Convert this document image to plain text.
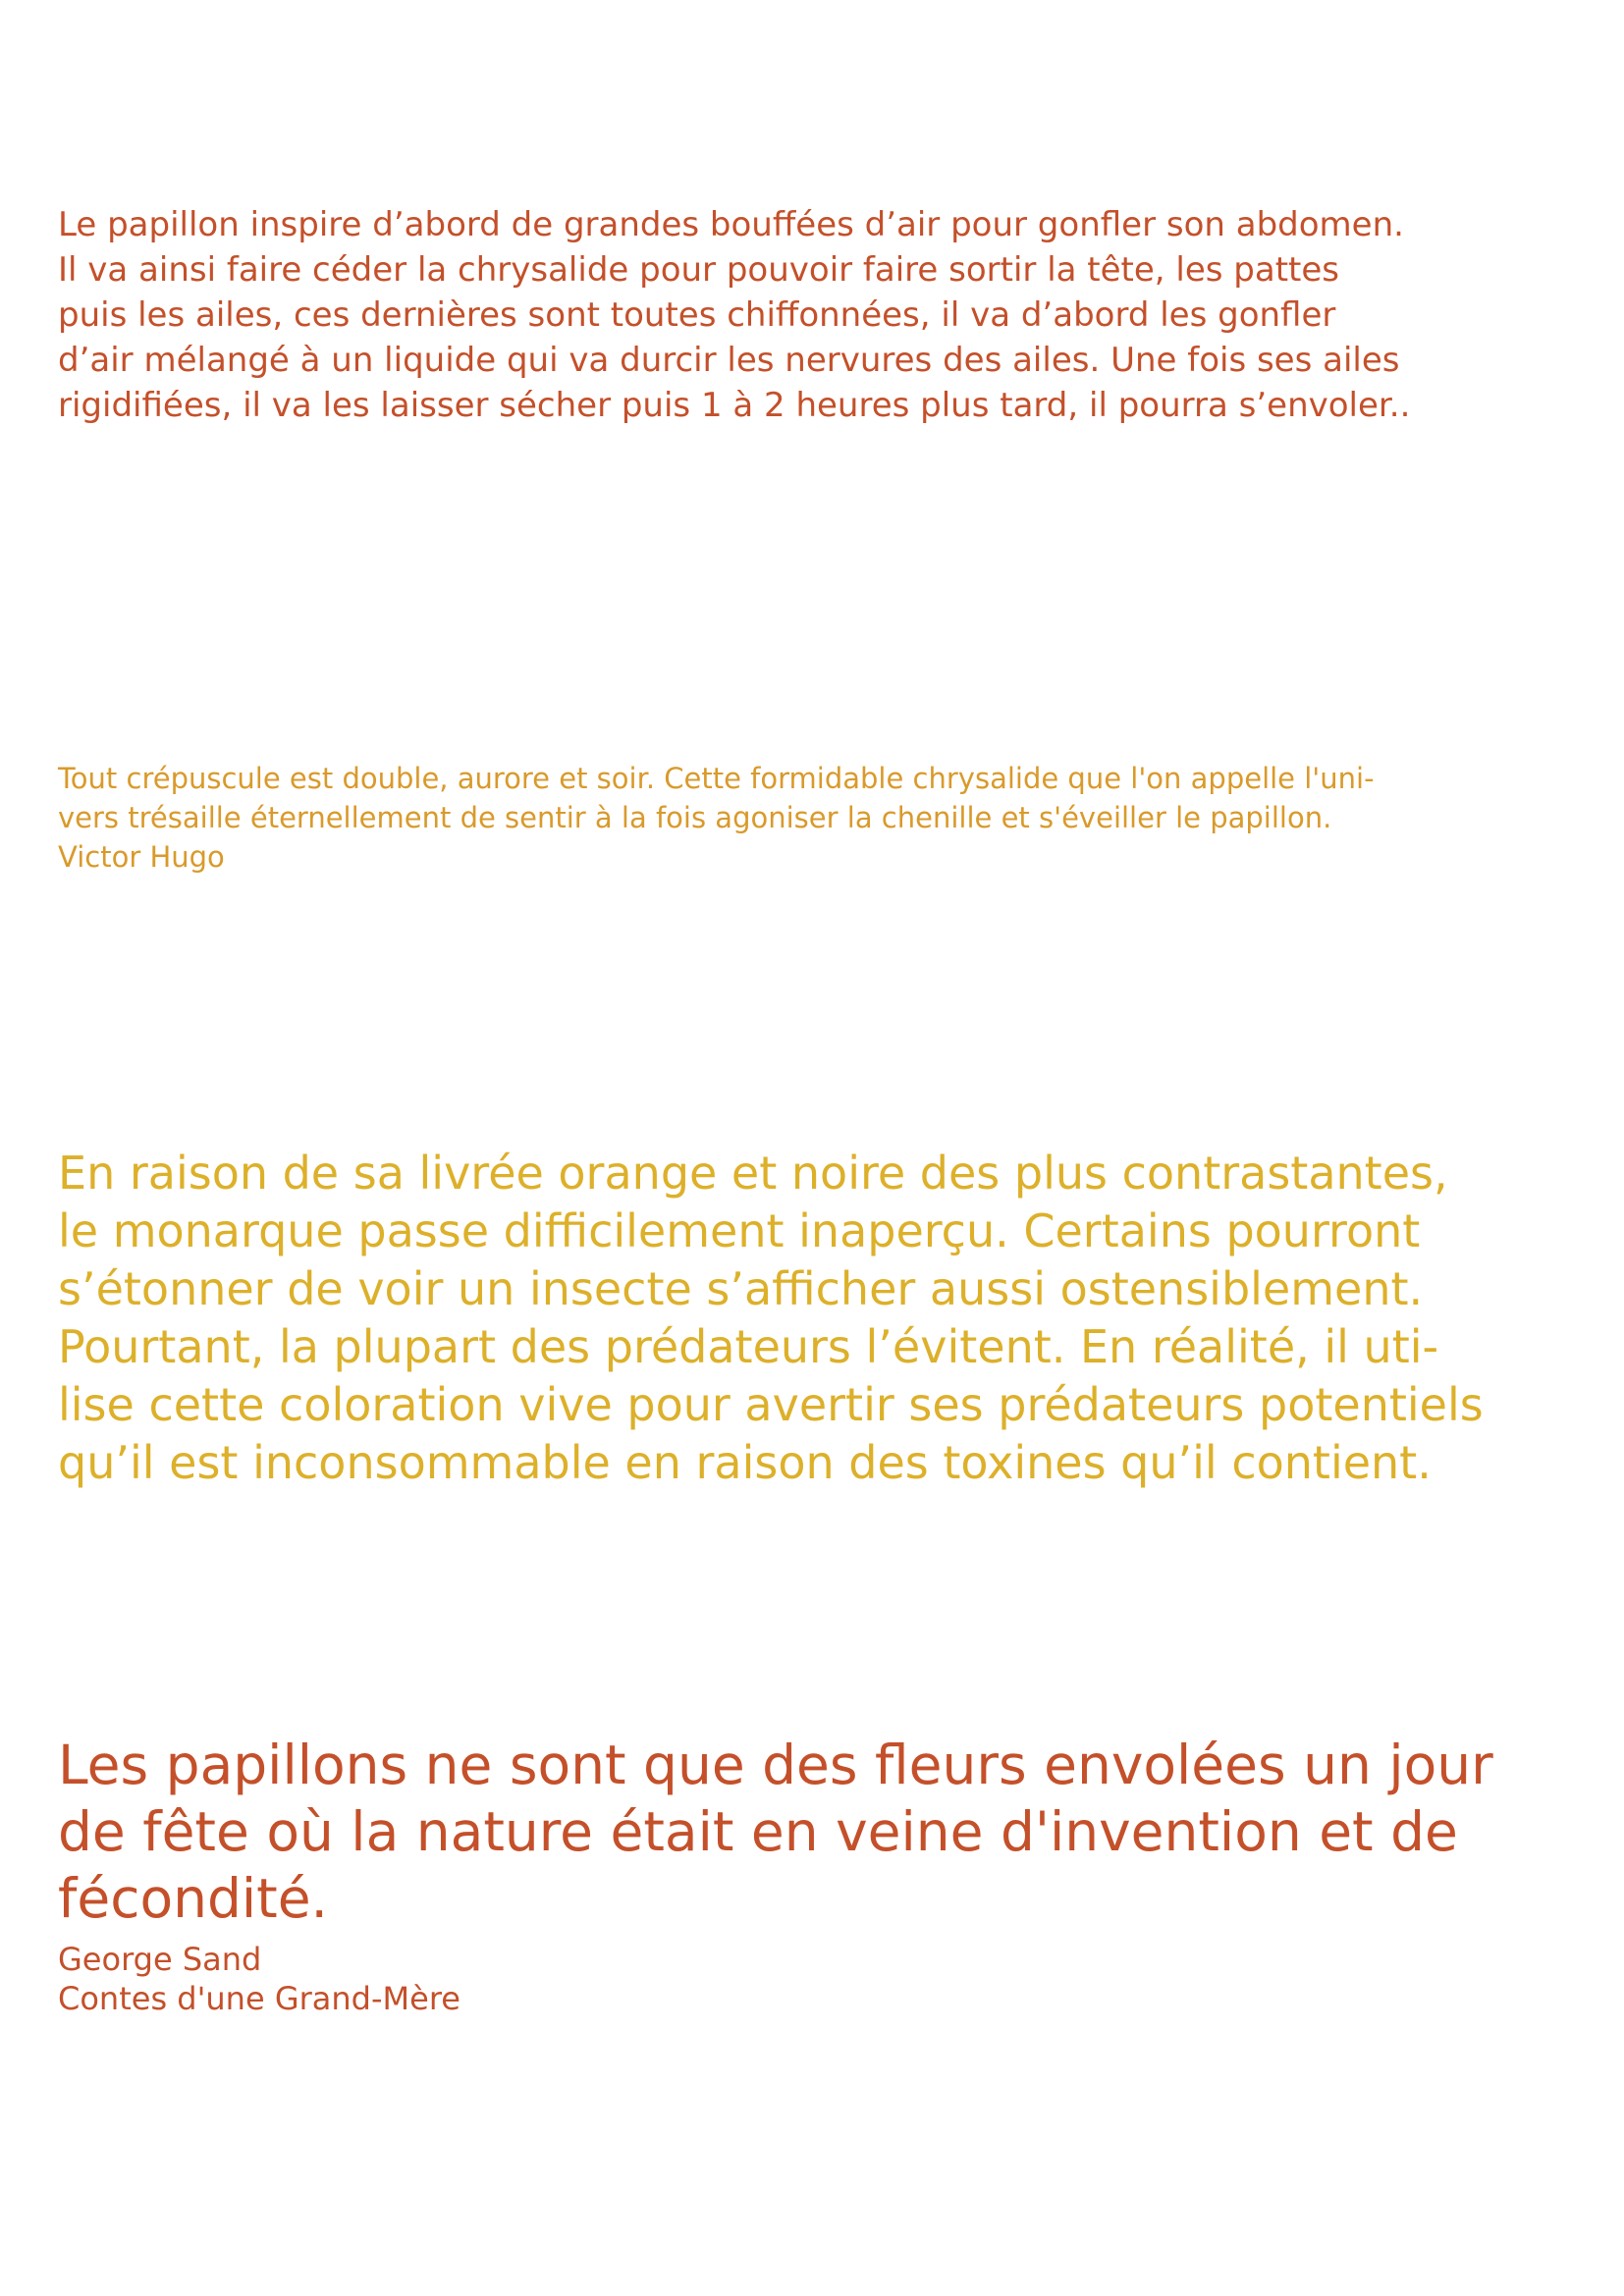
Le papillon inspire d’abord de grandes bouffées d’air pour gonfler son abdomen.
Il va ainsi faire céder la chrysalide pour pouvoir faire sortir la tête, les pattes
puis les ailes, ces dernières sont toutes chiffonnées, il va d’abord les gonfler
d’air mélangé à un liquide qui va durcir les nervures des ailes. Une fois ses ailes
rigidifiées, il va les laisser sécher puis 1 à 2 heures plus tard, il pourra s’envoler..
Tout crépuscule est double, aurore et soir. Cette formidable chrysalide que l'on appelle l'uni-
vers trésaille éternellement de sentir à la fois agoniser la chenille et s'éveiller le papillon.
Victor Hugo
En raison de sa livrée orange et noire des plus contrastantes,
le monarque passe difficilement inaperçu. Certains pourront
s’étonner de voir un insecte s’afficher aussi ostensiblement.
Pourtant, la plupart des prédateurs l’évitent. En réalité, il uti-
lise cette coloration vive pour avertir ses prédateurs potentiels
qu’il est inconsommable en raison des toxines qu’il contient.
Les papillons ne sont que des fleurs envolées un jour
de fête où la nature était en veine d'invention et de
fécondité.
George Sand
Contes d'une Grand-Mère
